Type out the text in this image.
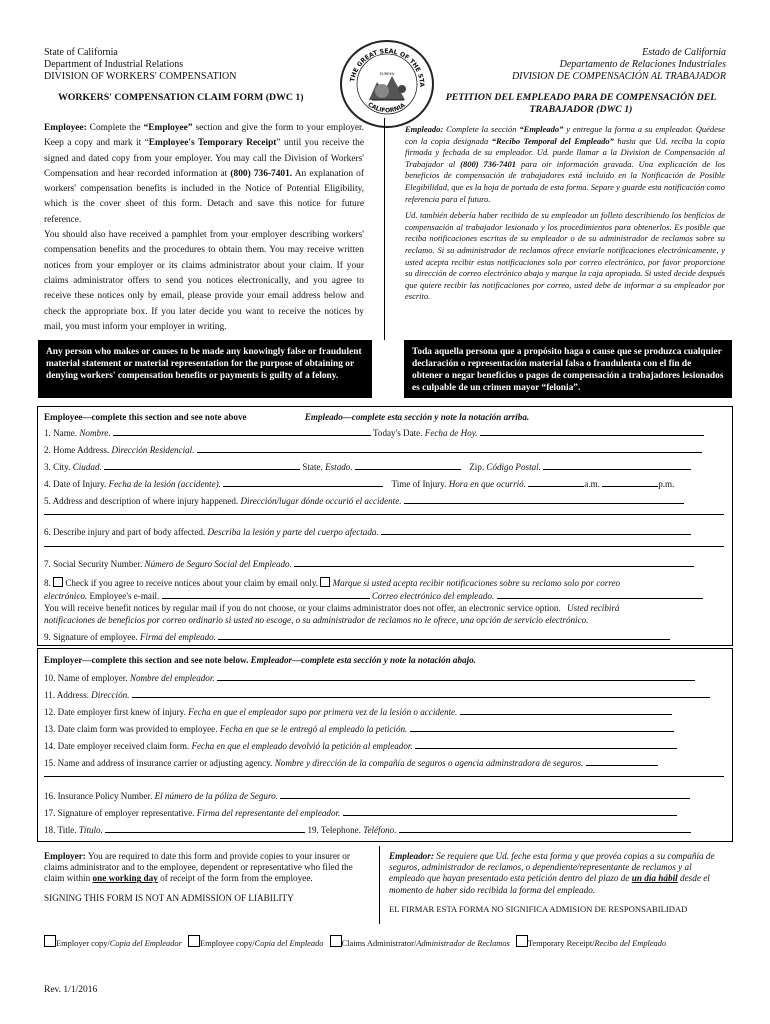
State of California
Department of Industrial Relations
DIVISION OF WORKERS' COMPENSATION
Estado de California
Departamento de Relaciones Industriales
DIVISION DE COMPENSACIÓN AL TRABAJADOR
THE GREAT SEAL OF THE STA
CALIFORNIA
EUREKA
WORKERS' COMPENSATION CLAIM FORM (DWC 1)	PETITION DEL EMPLEADO PARA DE COMPENSACIÓN DEL
TRABAJADOR (DWC 1)
Employee: Complete the “Employee” section and give the form to your employer. Keep a copy and mark it “Employee's Temporary Receipt” until you receive the signed and dated copy from your employer. You may call the Division of Workers' Compensation and hear recorded information at (800) 736-7401. An explanation of workers' compensation benefits is included in the Notice of Potential Eligibility, which is the cover sheet of this form. Detach and save this notice for future reference.
You should also have received a pamphlet from your employer describing workers' compensation benefits and the procedures to obtain them. You may receive written notices from your employer or its claims administrator about your claim. If your claims administrator offers to send you notices electronically, and you agree to receive these notices only by email, please provide your email address below and check the appropriate box. If you later decide you want to receive the notices by mail, you must inform your employer in writing.
Empleado: Complete la sección “Empleado” y entregue la forma a su empleador. Quédese con la copia designada “Recibo Temporal del Empleado” hasta que Ud. reciba la copia firmada y fechada de su empleador. Ud. puede llamar a la Division de Compensación al Trabajador al (800) 736-7401 para oir información gravada. Una explicación de los beneficios de compensación de trabajadores está incluido en la Notificación de Posible Elegibilidad, que es la hoja de portada de esta forma. Separe y guarde esta notificación como referencia para el futuro.
Ud. también debería haber recibido de su empleador un folleto describiendo los benficios de compensación al trabajador lesionado y los procedimientos para obtenerlos. Es posible que reciba notificaciones escritas de su empleador o de su administrador de reclamos sobre su reclamo. Si su administrador de reclamos ofrece enviarle notificaciones electrónicamente, y usted acepta recibir estas notificaciones solo por correo electrónico, por favor proporcione su dirección de correo electrónico abajo y marque la caja apropiada. Si usted decide después que quiere recibir las notificaciones por correo, usted debe de informar a su empleador por escrito.
Any person who makes or causes to be made any knowingly false or fraudulent material statement or material representation for the purpose of obtaining or denying workers' compensation benefits or payments is guilty of a felony.
Toda aquella persona que a propósito haga o cause que se produzca cualquier declaración o representación material falsa o fraudulenta con el fin de obtener o negar beneficios o pagos de compensación a trabajadores lesionados es culpable de un crimen mayor “felonia”.
Employee—complete this section and see note above	Empleado—complete esta sección y note la notación arriba.
1. Name. Nombre.	Today's Date. Fecha de Hoy.
2. Home Address. Dirección Residencial.
3. City. Ciudad.	State. Estado.	Zip. Código Postal.
4. Date of Injury. Fecha de la lesión (accidente).	Time of Injury. Hora en que ocurrió.	a.m.	p.m.
5. Address and description of where injury happened. Dirección/lugar dónde occurió el accidente.
6. Describe injury and part of body affected. Describa la lesión y parte del cuerpo afectada.
7. Social Security Number. Número de Seguro Social del Empleado.
8.  Check if you agree to receive notices about your claim by email only.  Marque si usted acepta recibir notificaciones sobre su reclamo solo por correo
electrónico. Employee's e-mail.	Correo electrónico del empleado.
You will receive benefit notices by regular mail if you do not choose, or your claims administrator does not offer, an electronic service option. Usted recibirá
notificaciones de beneficios por correo ordinario si usted no escoge, o su administrador de reclamos no le ofrece, una opción de servicio electrónico.
9. Signature of employee. Firma del empleado.
Employer—complete this section and see note below. Empleador—complete esta sección y note la notación abajo.
10. Name of employer. Nombre del empleador.
11. Address. Dirección.
12. Date employer first knew of injury. Fecha en que el empleador supo por primera vez de la lesión o accidente.
13. Date claim form was provided to employee. Fecha en que se le entregó al empleado la petición.
14. Date employer received claim form. Fecha en que el empleado devolvió la petición al empleador.
15. Name and address of insurance carrier or adjusting agency. Nombre y dirección de la compañía de seguros o agencia adminstradora de seguros.
16. Insurance Policy Number. El número de la póliza de Seguro.
17. Signature of employer representative. Firma del representante del empleador.
18. Title. Título.	19. Telephone. Teléfono.
Employer: You are required to date this form and provide copies to your insurer or claims administrator and to the employee, dependent or representative who filed the claim within one working day of receipt of the form from the employee.
SIGNING THIS FORM IS NOT AN ADMISSION OF LIABILITY
Empleador: Se requiere que Ud. feche esta forma y que provéa copias a su compañía de seguros, administrador de reclamos, o dependiente/representante de reclamos y al empleado que hayan presentado esta petición dentro del plazo de un día hábil desde el momento de haber sido recibida la forma del empleado.
EL FIRMAR ESTA FORMA NO SIGNIFICA ADMISION DE RESPONSABILIDAD
Employer copy/Copia del Empleador Employee copy/Copia del Empleado Claims Administrator/Administrador de Reclamos Temporary Receipt/Recibo del Empleado
Rev. 1/1/2016
